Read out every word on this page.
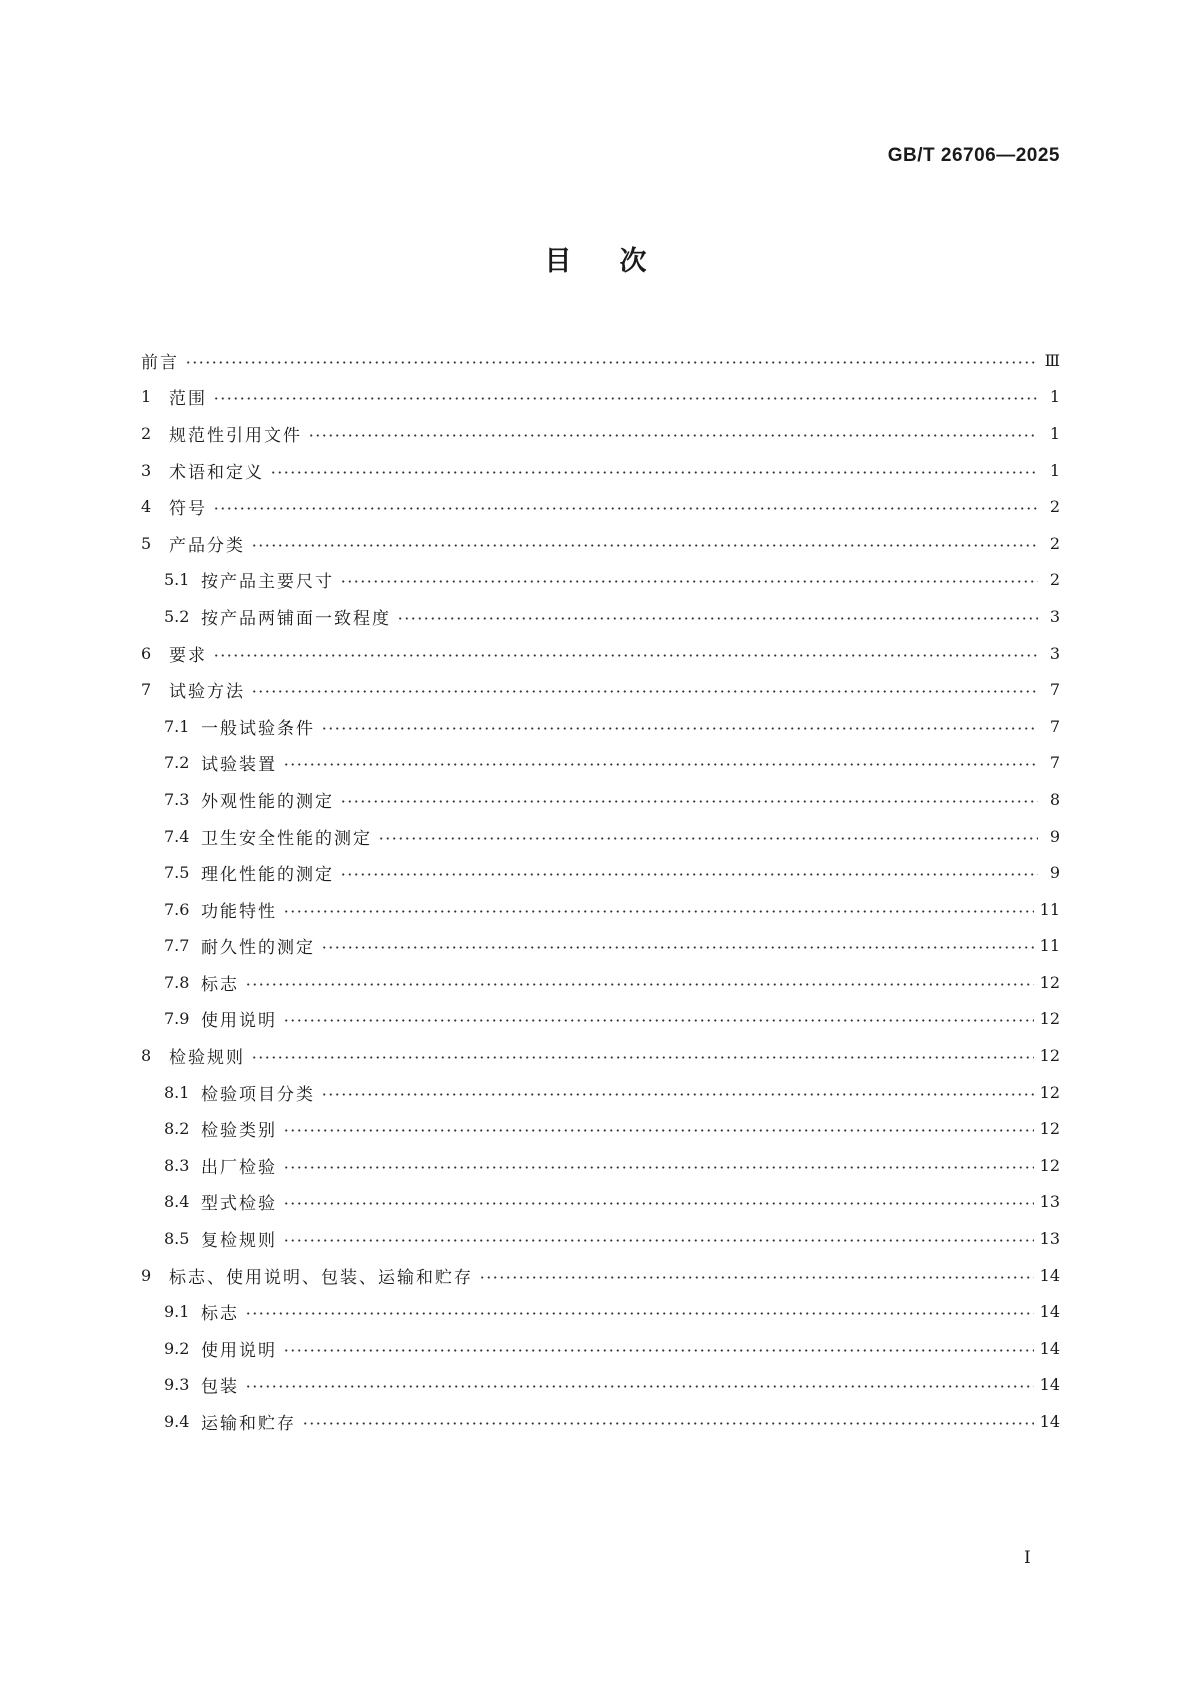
GB/T 26706—2025
目次
前言	Ⅲ
1	范围	1
2	规范性引用文件	1
3	术语和定义	1
4	符号	2
5	产品分类	2
5.1 按产品主要尺寸	2
5.2 按产品两铺面一致程度	3
6	要求	3
7	试验方法	7
7.1 一般试验条件	7
7.2 试验装置	7
7.3 外观性能的测定	8
7.4 卫生安全性能的测定	9
7.5 理化性能的测定	9
7.6 功能特性	11
7.7 耐久性的测定	11
7.8 标志	12
7.9 使用说明	12
8	检验规则	12
8.1 检验项目分类	12
8.2 检验类别	12
8.3 出厂检验	12
8.4 型式检验	13
8.5 复检规则	13
9	标志、使用说明、包装、运输和贮存	14
9.1 标志	14
9.2 使用说明	14
9.3 包装	14
9.4 运输和贮存	14
Ⅰ
